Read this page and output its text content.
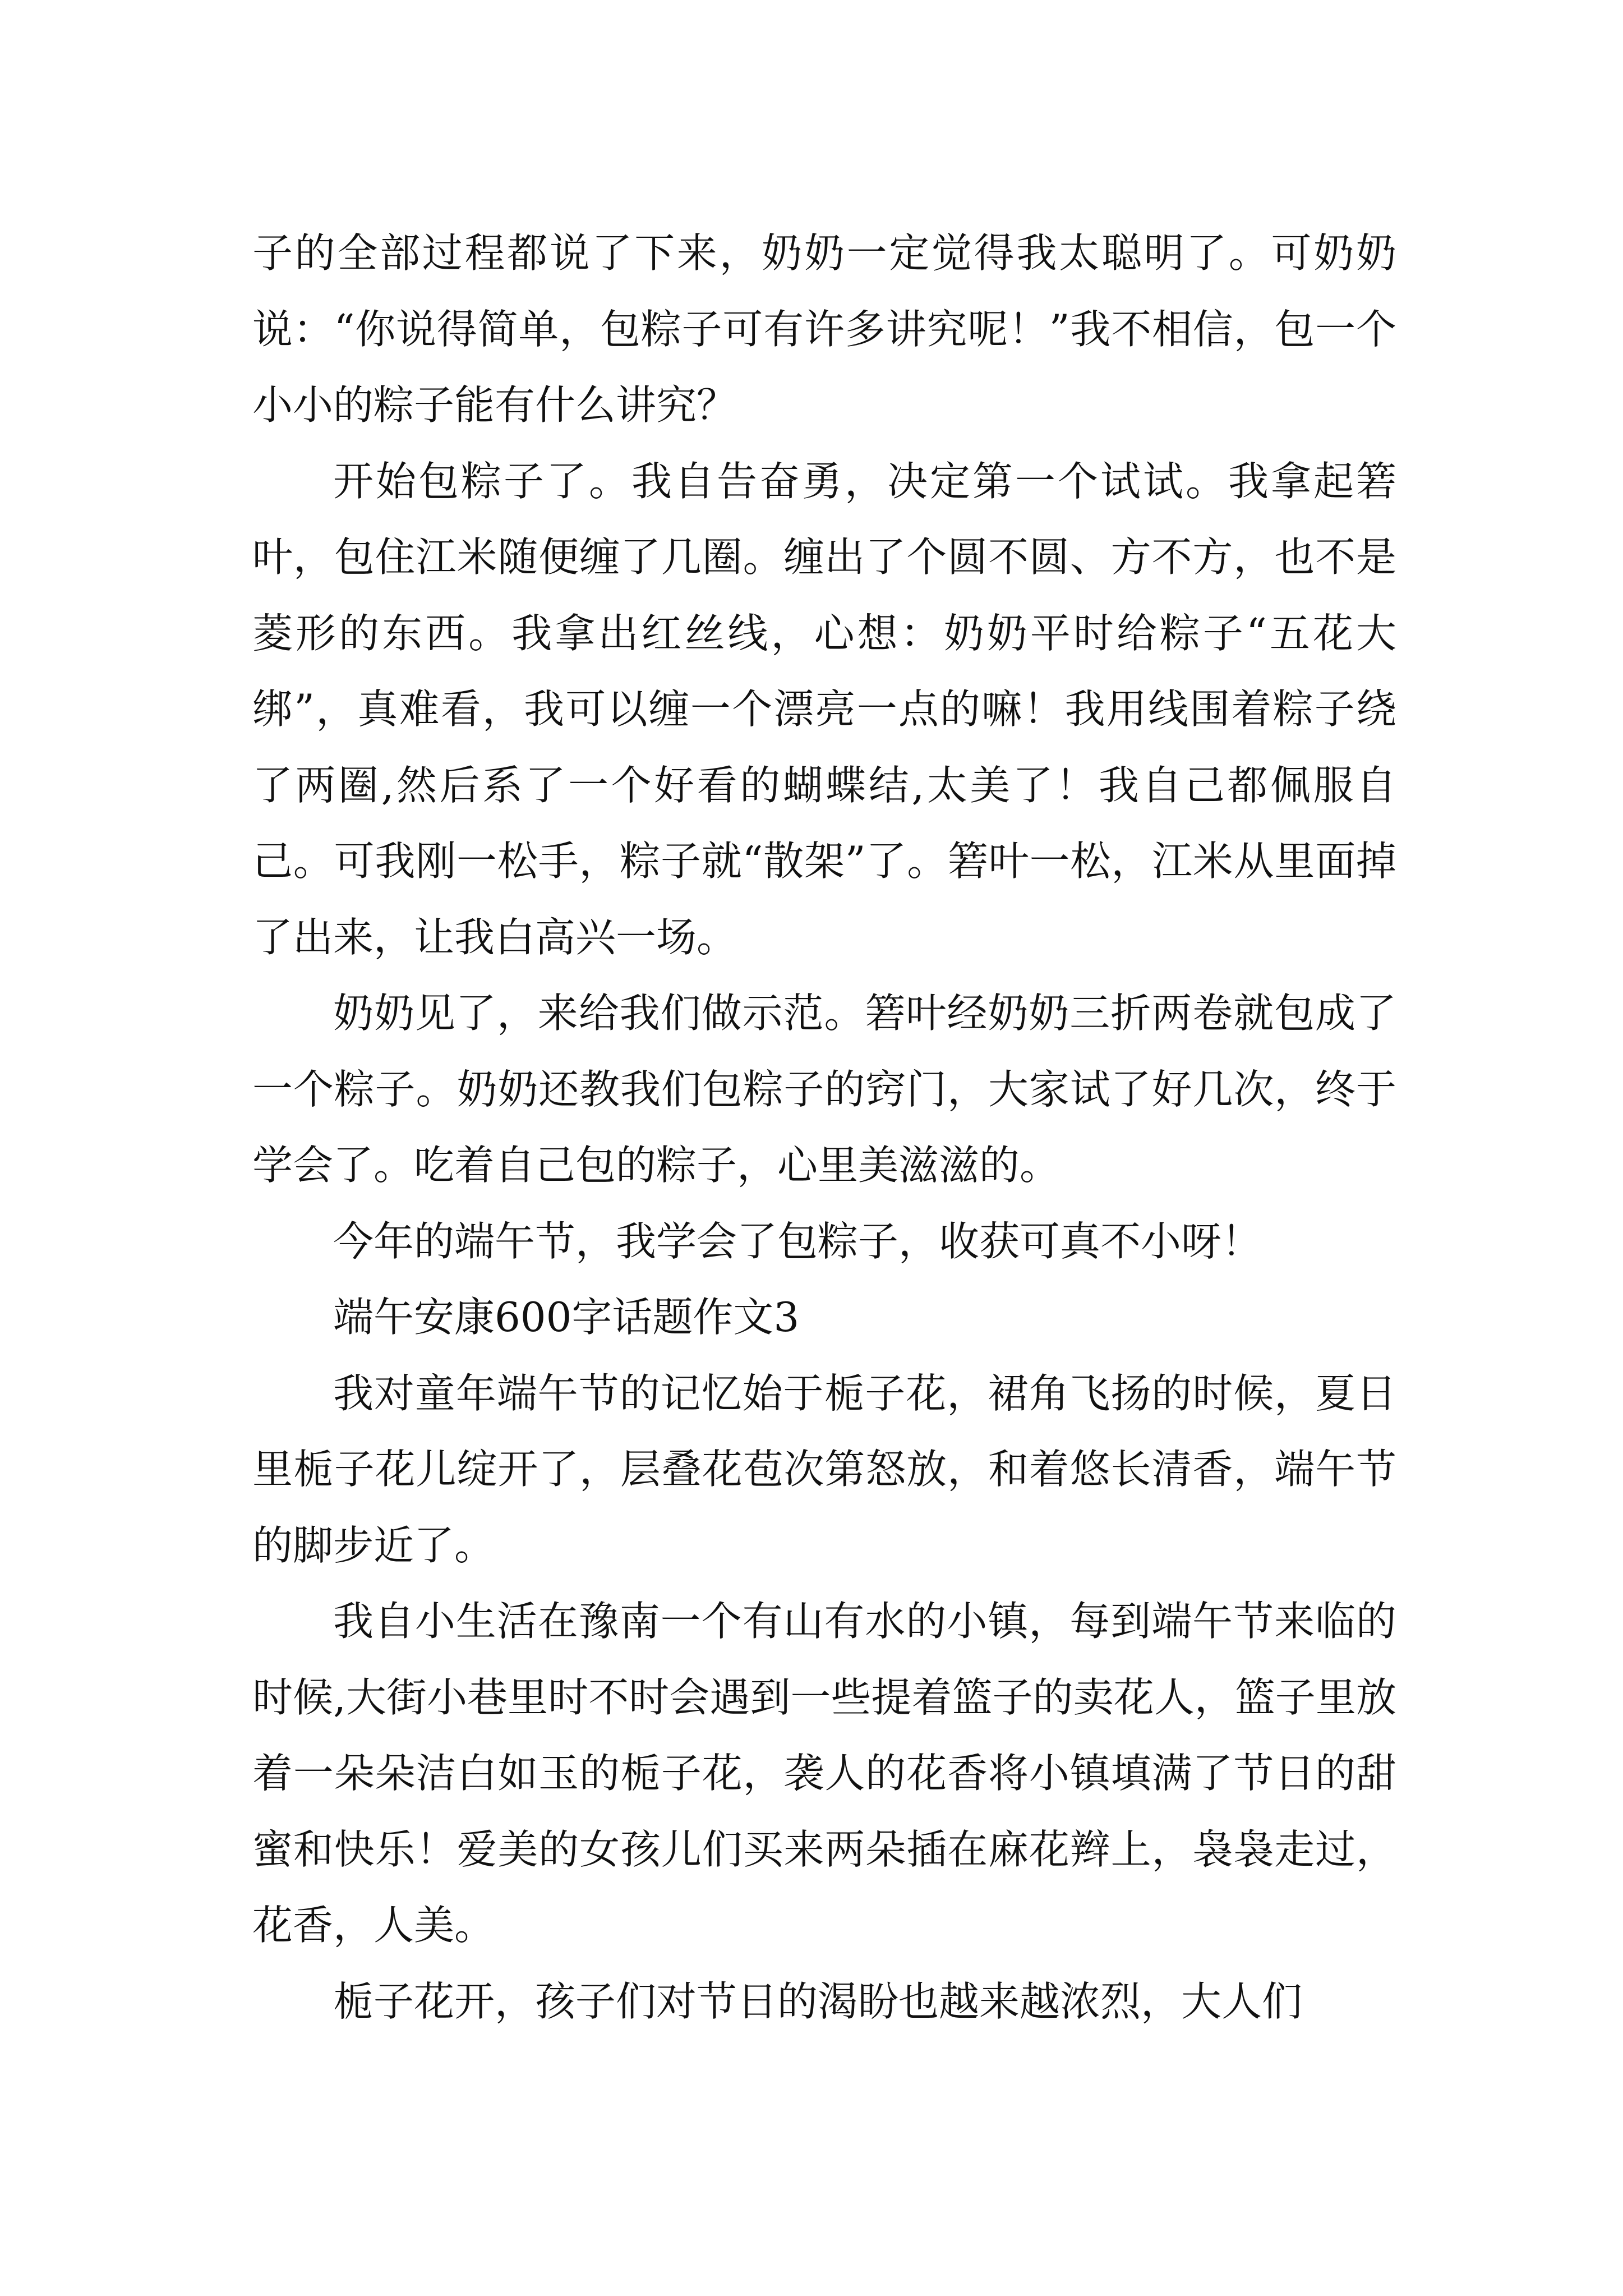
子的全部过程都说了下来，奶奶一定觉得我太聪明了。可奶奶说：“你说得简单，包粽子可有许多讲究呢！”我不相信，包一个小小的粽子能有什么讲究？

开始包粽子了。我自告奋勇，决定第一个试试。我拿起箬叶，包住江米随便缠了几圈。缠出了个圆不圆、方不方，也不是菱形的东西。我拿出红丝线，心想：奶奶平时给粽子“五花大绑”，真难看，我可以缠一个漂亮一点的嘛！我用线围着粽子绕了两圈,然后系了一个好看的蝴蝶结,太美了！我自己都佩服自己。可我刚一松手，粽子就“散架”了。箬叶一松，江米从里面掉了出来，让我白高兴一场。

奶奶见了，来给我们做示范。箬叶经奶奶三折两卷就包成了一个粽子。奶奶还教我们包粽子的窍门，大家试了好几次，终于学会了。吃着自己包的粽子，心里美滋滋的。

今年的端午节，我学会了包粽子，收获可真不小呀！

端午安康600字话题作文3

我对童年端午节的记忆始于栀子花，裙角飞扬的时候，夏日里栀子花儿绽开了，层叠花苞次第怒放，和着悠长清香，端午节的脚步近了。

我自小生活在豫南一个有山有水的小镇，每到端午节来临的时候,大街小巷里时不时会遇到一些提着篮子的卖花人，篮子里放着一朵朵洁白如玉的栀子花，袭人的花香将小镇填满了节日的甜蜜和快乐！爱美的女孩儿们买来两朵插在麻花辫上，袅袅走过，花香，人美。

栀子花开，孩子们对节日的渴盼也越来越浓烈，大人们
